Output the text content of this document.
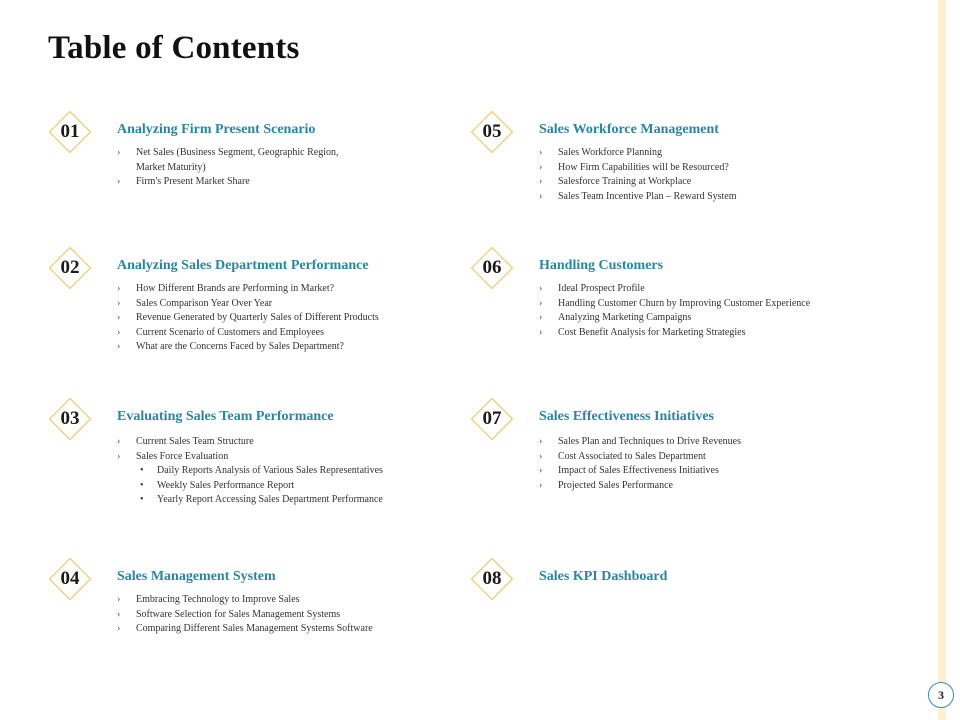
Table of Contents
3
01	Analyzing Firm Present Scenario
› Net Sales (Business Segment, Geographic Region,
Market Maturity)
› Firm's Present Market Share
02	Analyzing Sales Department Performance
› How Different Brands are Performing in Market?
› Sales Comparison Year Over Year
› Revenue Generated by Quarterly Sales of Different Products
› Current Scenario of Customers and Employees
› What are the Concerns Faced by Sales Department?
03	Evaluating Sales Team Performance
› Current Sales Team Structure
› Sales Force Evaluation
• Daily Reports Analysis of Various Sales Representatives
• Weekly Sales Performance Report
• Yearly Report Accessing Sales Department Performance
04	Sales Management System
› Embracing Technology to Improve Sales
› Software Selection for Sales Management Systems
› Comparing Different Sales Management Systems Software
05	Sales Workforce Management
› Sales Workforce Planning
› How Firm Capabilities will be Resourced?
› Salesforce Training at Workplace
› Sales Team Incentive Plan – Reward System
06	Handling Customers
› Ideal Prospect Profile
› Handling Customer Churn by Improving Customer Experience
› Analyzing Marketing Campaigns
› Cost Benefit Analysis for Marketing Strategies
07	Sales Effectiveness Initiatives
› Sales Plan and Techniques to Drive Revenues
› Cost Associated to Sales Department
› Impact of Sales Effectiveness Initiatives
› Projected Sales Performance
08	Sales KPI Dashboard
